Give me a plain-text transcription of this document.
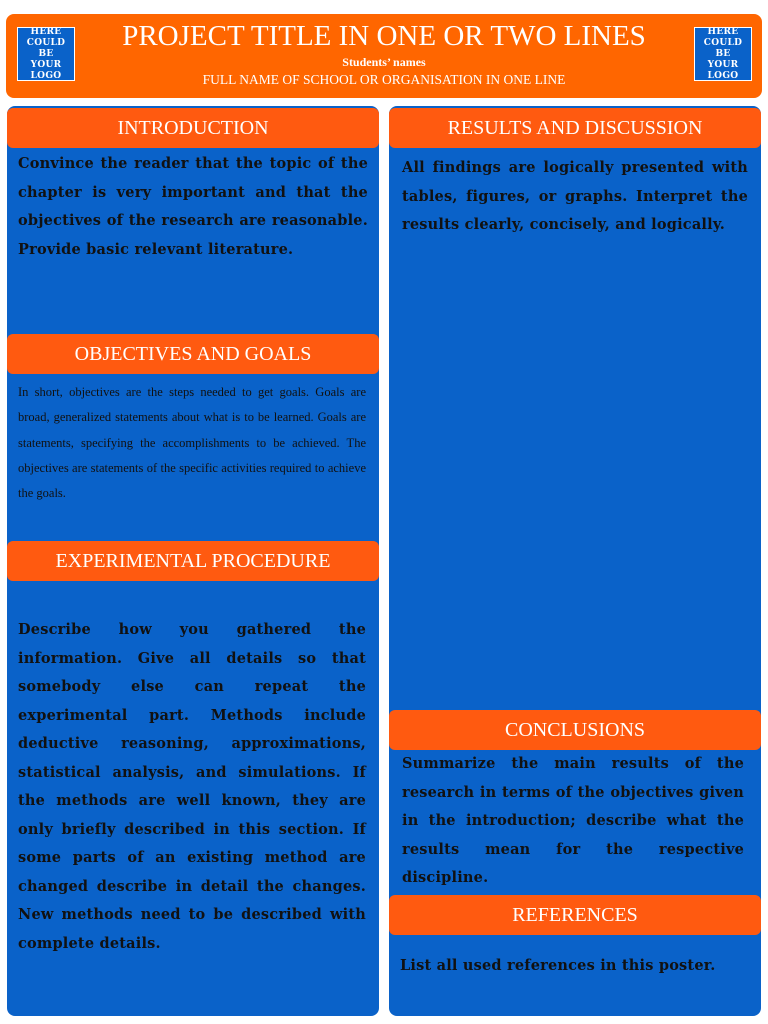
HERE
COULD BE
YOUR
LOGO
HERE
COULD BE
YOUR
LOGO
PROJECT TITLE IN ONE OR TWO LINES
Students’ names
FULL NAME OF SCHOOL OR ORGANISATION IN ONE LINE
INTRODUCTION

Convince the reader that the topic of the chapter is very important and that the objectives of the research are reasonable. Provide basic relevant literature.

OBJECTIVES AND GOALS

In short, objectives are the steps needed to get goals. Goals are broad, generalized statements about what is to be learned. Goals are statements, specifying the accomplishments to be achieved. The objectives are statements of the specific activities required to achieve the goals.

EXPERIMENTAL PROCEDURE

Describe how you gathered the information. Give all details so that somebody else can repeat the experimental part. Methods include deductive reasoning, approximations, statistical analysis, and simulations. If the methods are well known, they are only briefly described in this section. If some parts of an existing method are changed describe in detail the changes. New methods need to be described with complete details.

RESULTS AND DISCUSSION

All findings are logically presented with tables, figures, or graphs. Interpret the results clearly, concisely, and logically.

CONCLUSIONS

Summarize the main results of the research in terms of the objectives given in the introduction; describe what the results mean for the respective discipline.

REFERENCES

List all used references in this poster.
